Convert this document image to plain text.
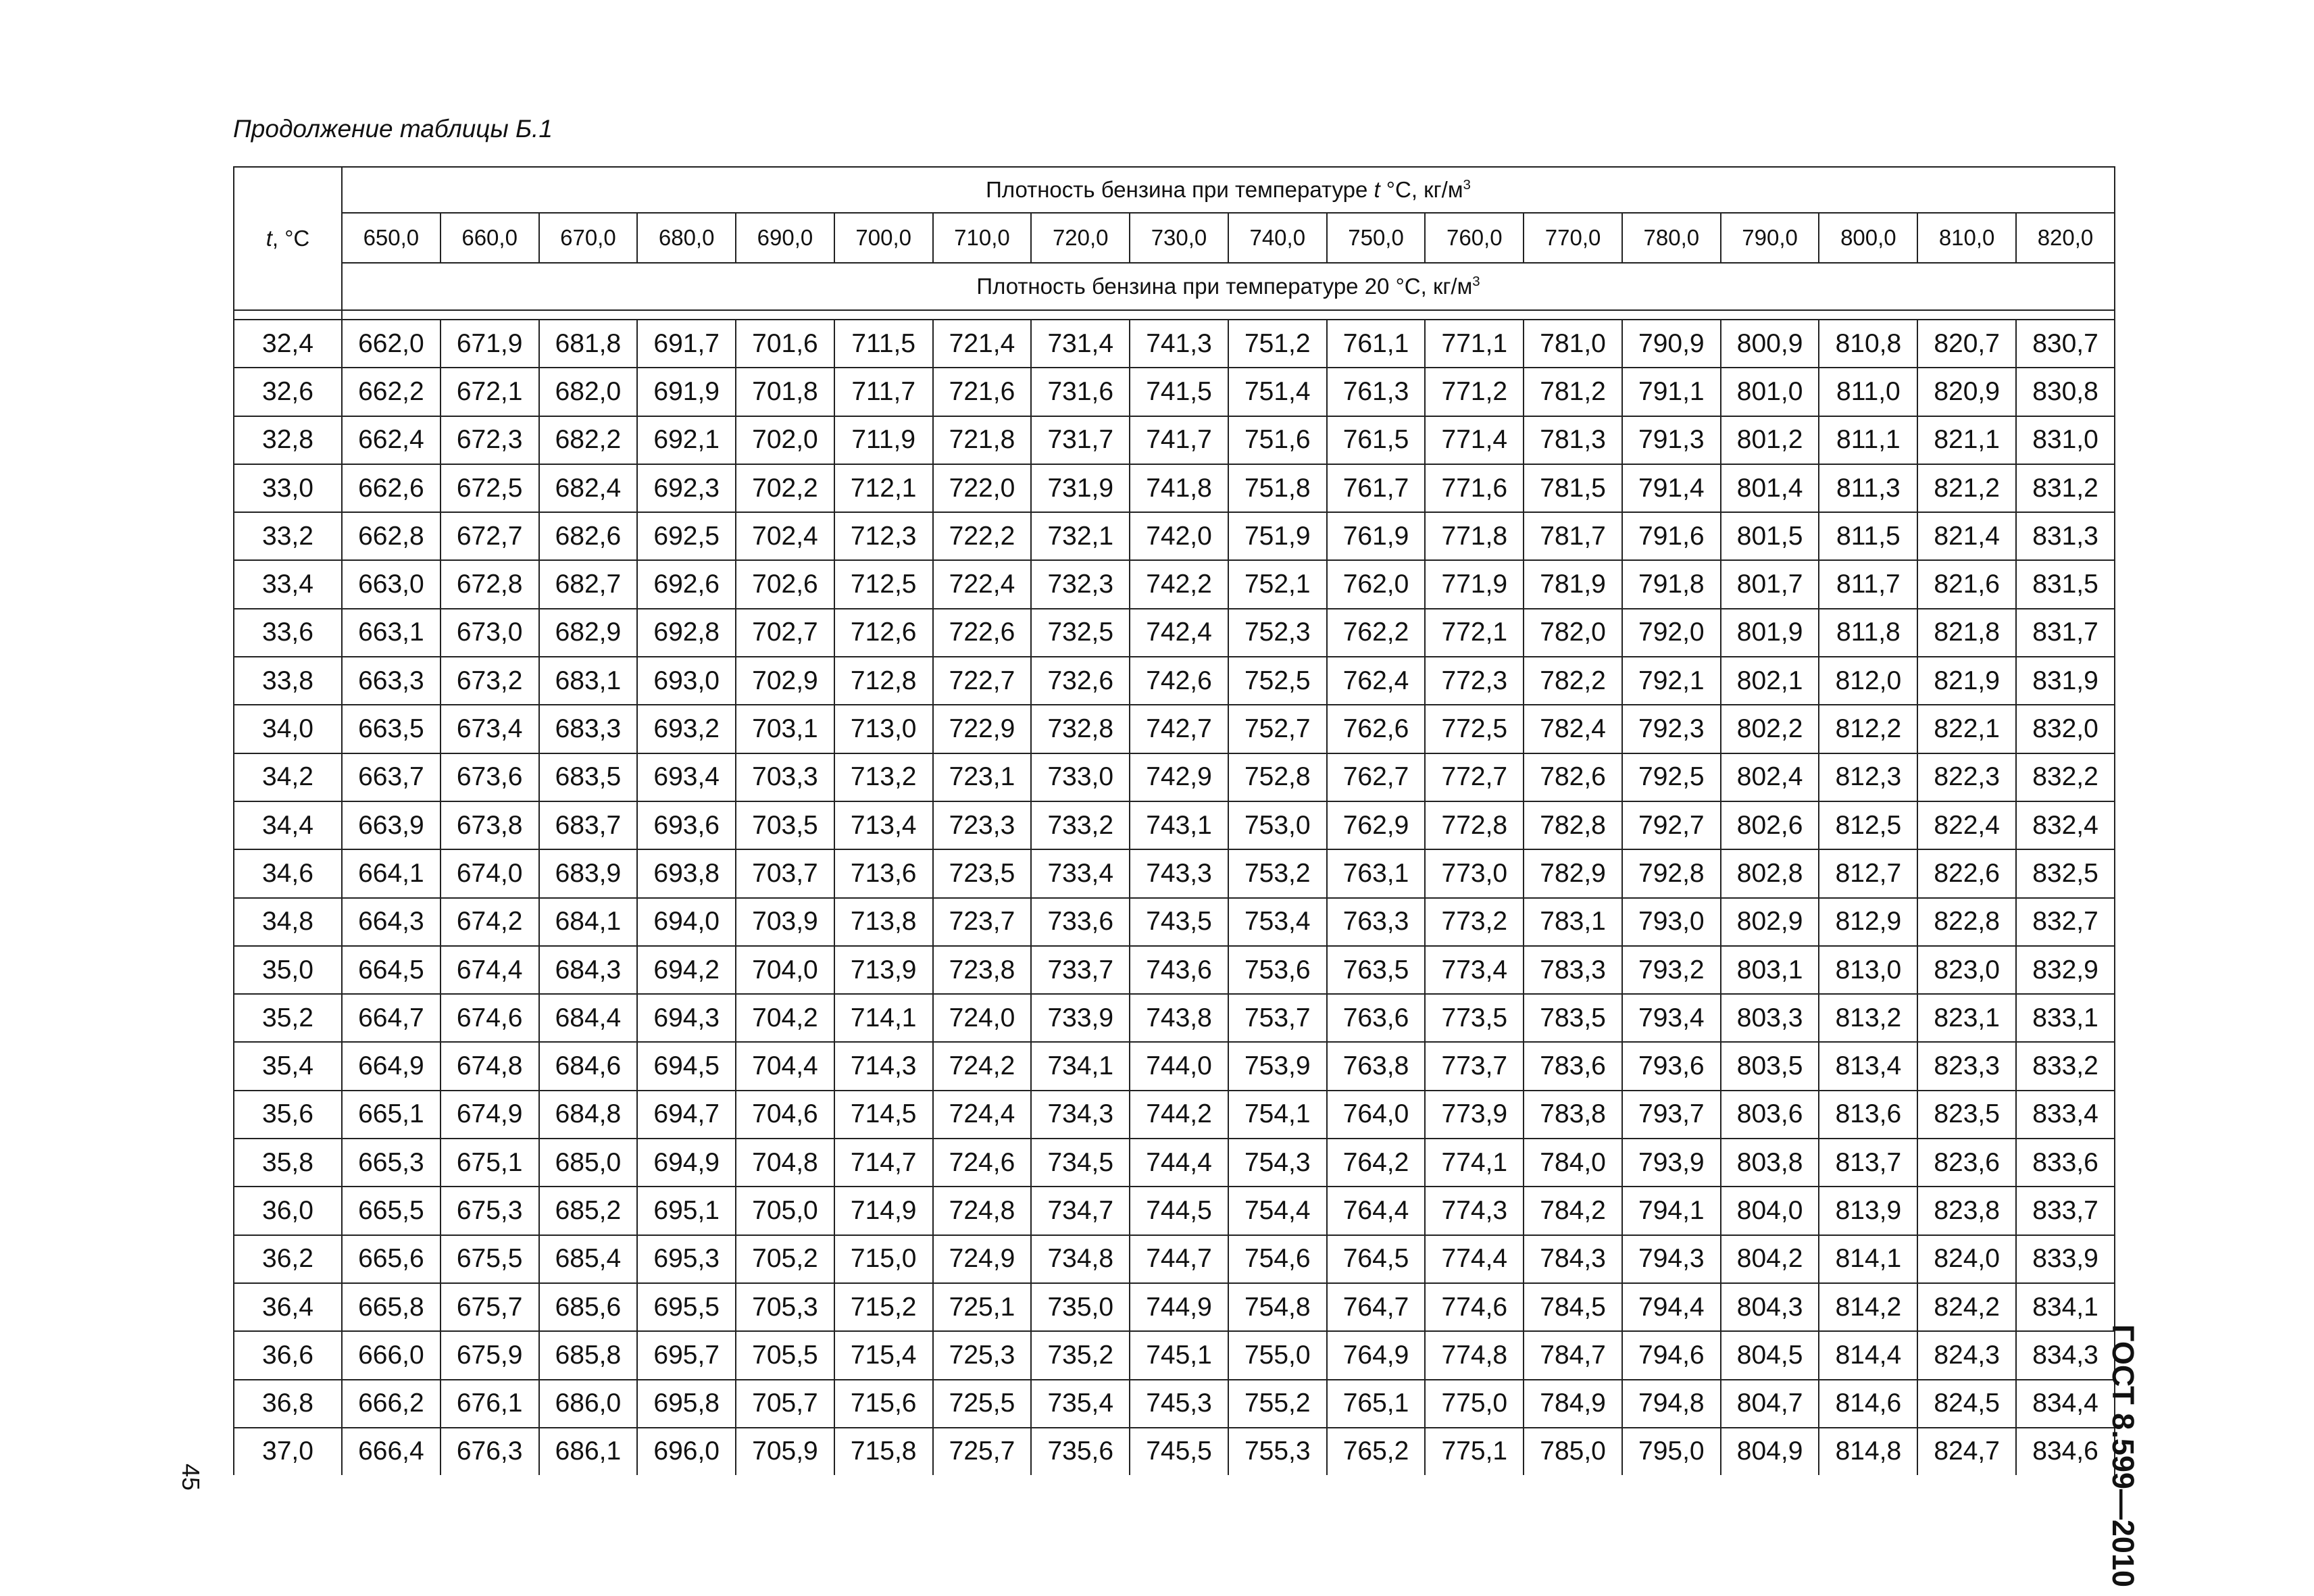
Продолжение таблицы Б.1
t, °С	Плотность бензина при температуре t °С, $кг/м^3$
	650,0	660,0	670,0	680,0	690,0	700,0	710,0	720,0	730,0	740,0	750,0	760,0	770,0	780,0	790,0	800,0	810,0	820,0
	Плотность бензина при температуре 20 °С, $кг/м^3$

32,4	662,0	671,9	681,8	691,7	701,6	711,5	721,4	731,4	741,3	751,2	761,1	771,1	781,0	790,9	800,9	810,8	820,7	830,7
32,6	662,2	672,1	682,0	691,9	701,8	711,7	721,6	731,6	741,5	751,4	761,3	771,2	781,2	791,1	801,0	811,0	820,9	830,8
32,8	662,4	672,3	682,2	692,1	702,0	711,9	721,8	731,7	741,7	751,6	761,5	771,4	781,3	791,3	801,2	811,1	821,1	831,0
33,0	662,6	672,5	682,4	692,3	702,2	712,1	722,0	731,9	741,8	751,8	761,7	771,6	781,5	791,4	801,4	811,3	821,2	831,2
33,2	662,8	672,7	682,6	692,5	702,4	712,3	722,2	732,1	742,0	751,9	761,9	771,8	781,7	791,6	801,5	811,5	821,4	831,3
33,4	663,0	672,8	682,7	692,6	702,6	712,5	722,4	732,3	742,2	752,1	762,0	771,9	781,9	791,8	801,7	811,7	821,6	831,5
33,6	663,1	673,0	682,9	692,8	702,7	712,6	722,6	732,5	742,4	752,3	762,2	772,1	782,0	792,0	801,9	811,8	821,8	831,7
33,8	663,3	673,2	683,1	693,0	702,9	712,8	722,7	732,6	742,6	752,5	762,4	772,3	782,2	792,1	802,1	812,0	821,9	831,9
34,0	663,5	673,4	683,3	693,2	703,1	713,0	722,9	732,8	742,7	752,7	762,6	772,5	782,4	792,3	802,2	812,2	822,1	832,0
34,2	663,7	673,6	683,5	693,4	703,3	713,2	723,1	733,0	742,9	752,8	762,7	772,7	782,6	792,5	802,4	812,3	822,3	832,2
34,4	663,9	673,8	683,7	693,6	703,5	713,4	723,3	733,2	743,1	753,0	762,9	772,8	782,8	792,7	802,6	812,5	822,4	832,4
34,6	664,1	674,0	683,9	693,8	703,7	713,6	723,5	733,4	743,3	753,2	763,1	773,0	782,9	792,8	802,8	812,7	822,6	832,5
34,8	664,3	674,2	684,1	694,0	703,9	713,8	723,7	733,6	743,5	753,4	763,3	773,2	783,1	793,0	802,9	812,9	822,8	832,7
35,0	664,5	674,4	684,3	694,2	704,0	713,9	723,8	733,7	743,6	753,6	763,5	773,4	783,3	793,2	803,1	813,0	823,0	832,9
35,2	664,7	674,6	684,4	694,3	704,2	714,1	724,0	733,9	743,8	753,7	763,6	773,5	783,5	793,4	803,3	813,2	823,1	833,1
35,4	664,9	674,8	684,6	694,5	704,4	714,3	724,2	734,1	744,0	753,9	763,8	773,7	783,6	793,6	803,5	813,4	823,3	833,2
35,6	665,1	674,9	684,8	694,7	704,6	714,5	724,4	734,3	744,2	754,1	764,0	773,9	783,8	793,7	803,6	813,6	823,5	833,4
35,8	665,3	675,1	685,0	694,9	704,8	714,7	724,6	734,5	744,4	754,3	764,2	774,1	784,0	793,9	803,8	813,7	823,6	833,6
36,0	665,5	675,3	685,2	695,1	705,0	714,9	724,8	734,7	744,5	754,4	764,4	774,3	784,2	794,1	804,0	813,9	823,8	833,7
36,2	665,6	675,5	685,4	695,3	705,2	715,0	724,9	734,8	744,7	754,6	764,5	774,4	784,3	794,3	804,2	814,1	824,0	833,9
36,4	665,8	675,7	685,6	695,5	705,3	715,2	725,1	735,0	744,9	754,8	764,7	774,6	784,5	794,4	804,3	814,2	824,2	834,1
36,6	666,0	675,9	685,8	695,7	705,5	715,4	725,3	735,2	745,1	755,0	764,9	774,8	784,7	794,6	804,5	814,4	824,3	834,3
36,8	666,2	676,1	686,0	695,8	705,7	715,6	725,5	735,4	745,3	755,2	765,1	775,0	784,9	794,8	804,7	814,6	824,5	834,4
37,0	666,4	676,3	686,1	696,0	705,9	715,8	725,7	735,6	745,5	755,3	765,2	775,1	785,0	795,0	804,9	814,8	824,7	834,6
45	ГОСТ 8.599—2010
